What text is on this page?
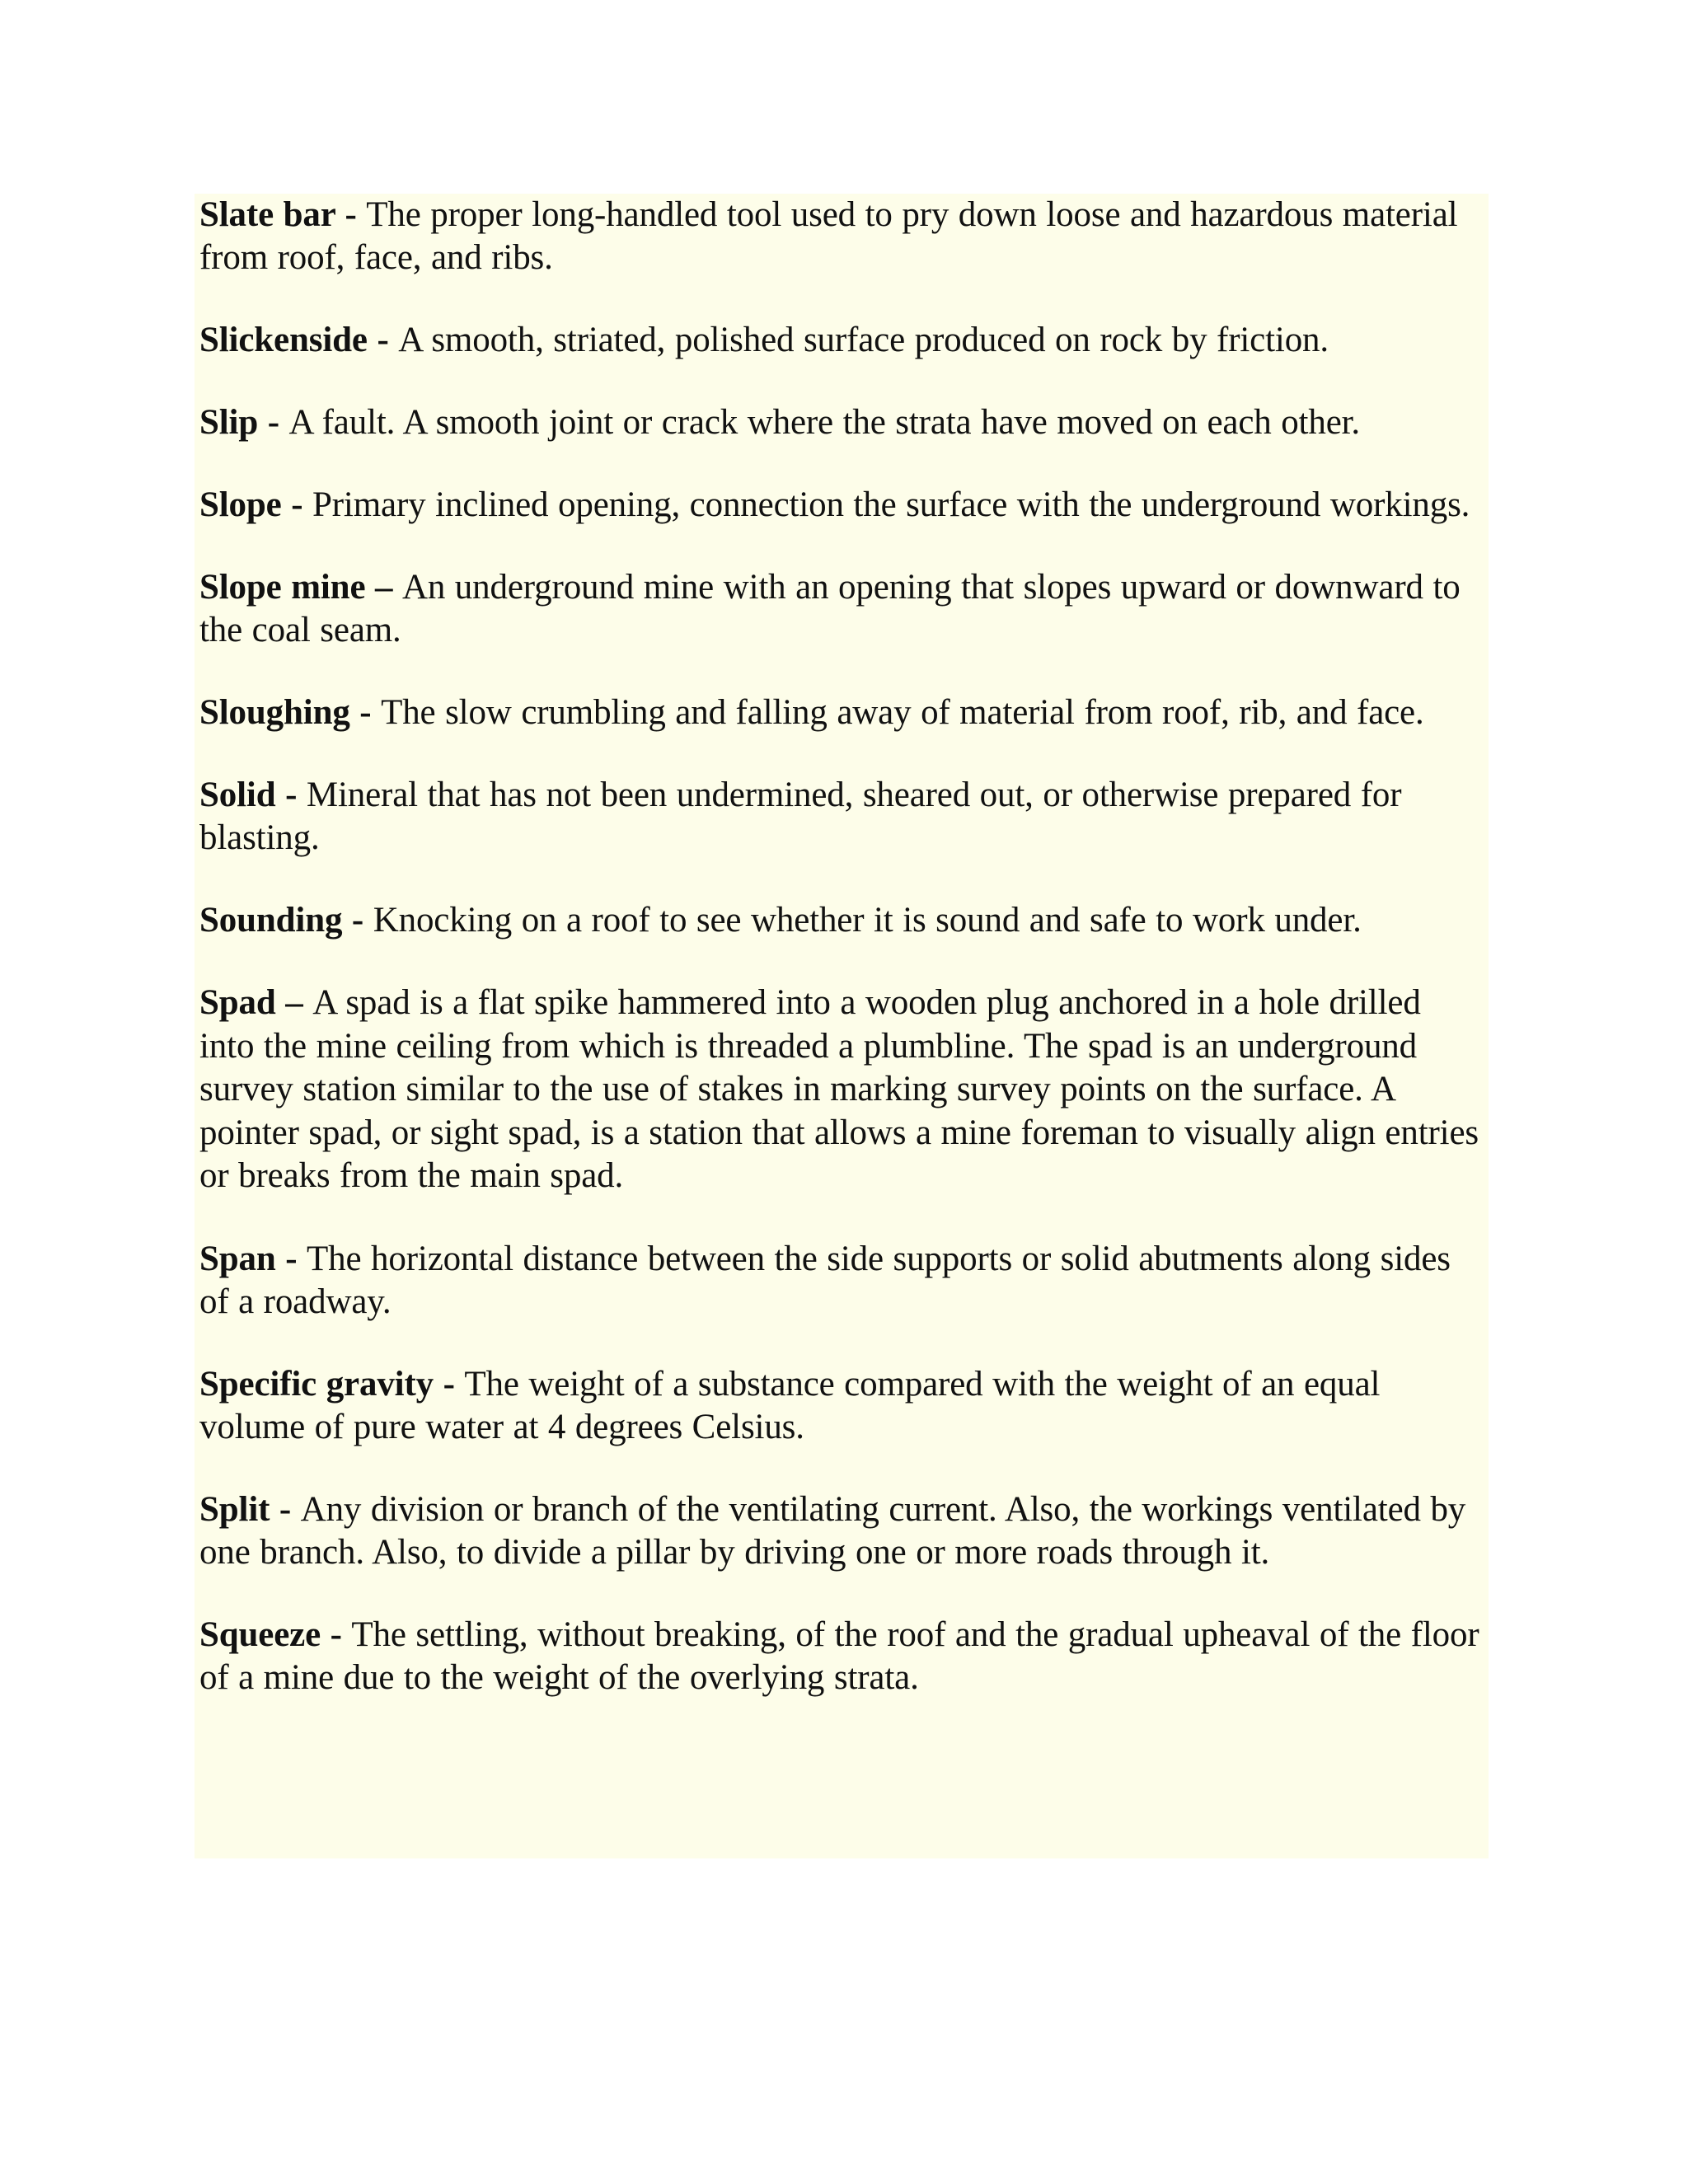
Slate bar - The proper long-handled tool used to pry down loose and hazardous material from roof, face, and ribs.

Slickenside - A smooth, striated, polished surface produced on rock by friction.

Slip - A fault. A smooth joint or crack where the strata have moved on each other.

Slope - Primary inclined opening, connection the surface with the underground workings.

Slope mine – An underground mine with an opening that slopes upward or downward to the coal seam.

Sloughing - The slow crumbling and falling away of material from roof, rib, and face.

Solid - Mineral that has not been undermined, sheared out, or otherwise prepared for blasting.

Sounding - Knocking on a roof to see whether it is sound and safe to work under.

Spad – A spad is a flat spike hammered into a wooden plug anchored in a hole drilled into the mine ceiling from which is threaded a plumbline. The spad is an underground survey station similar to the use of stakes in marking survey points on the surface. A pointer spad, or sight spad, is a station that allows a mine foreman to visually align entries or breaks from the main spad.

Span - The horizontal distance between the side supports or solid abutments along sides of a roadway.

Specific gravity - The weight of a substance compared with the weight of an equal volume of pure water at 4 degrees Celsius.

Split - Any division or branch of the ventilating current. Also, the workings ventilated by one branch. Also, to divide a pillar by driving one or more roads through it.

Squeeze - The settling, without breaking, of the roof and the gradual upheaval of the floor of a mine due to the weight of the overlying strata.
